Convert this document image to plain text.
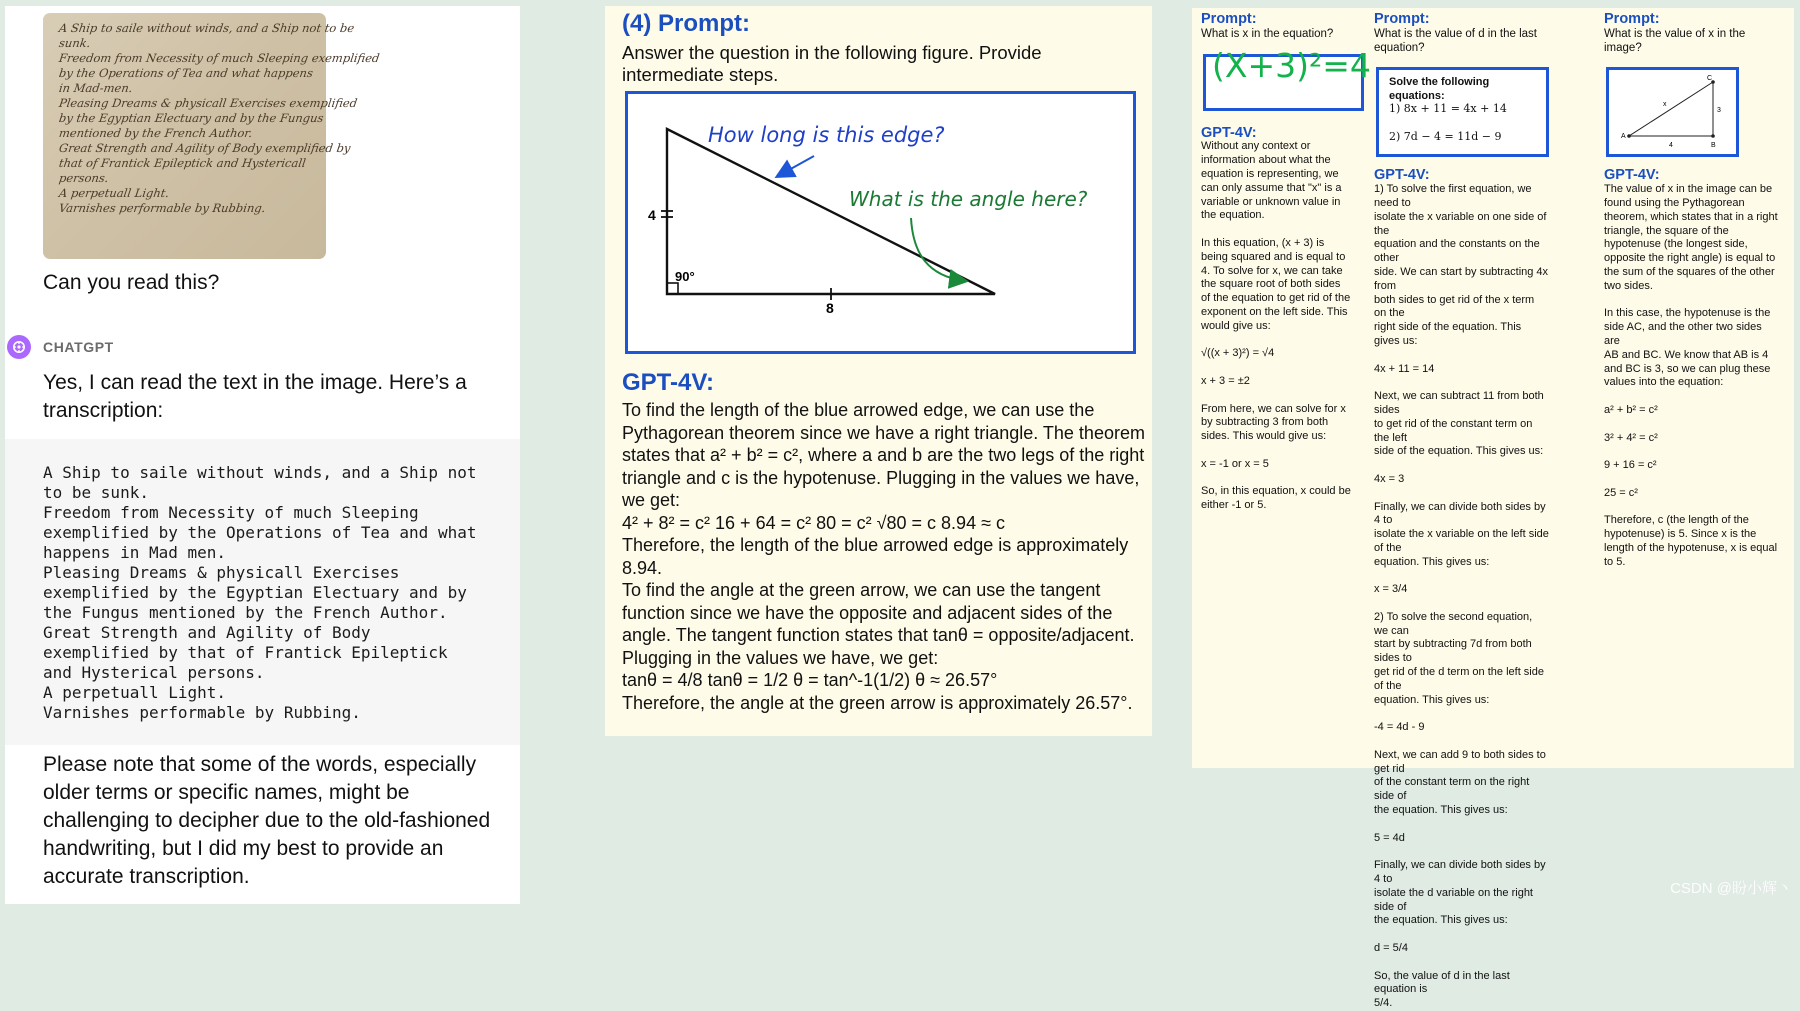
A Ship to saile without winds, and a Ship not to be
sunk.
Freedom from Necessity of much Sleeping exemplified
by the Operations of Tea and what happens
in Mad-men.
Pleasing Dreams & physicall Exercises exemplified
by the Egyptian Electuary and by the Fungus
mentioned by the French Author.
Great Strength and Agility of Body exemplified by
that of Frantick Epileptick and Hystericall
persons.
A perpetuall Light.
Varnishes performable by Rubbing.
Can you read this?
CHATGPT
Yes, I can read the text in the image. Here’s a transcription:
A Ship to saile without winds, and a Ship not
to be sunk.
Freedom from Necessity of much Sleeping
exemplified by the Operations of Tea and what
happens in Mad men.
Pleasing Dreams & physicall Exercises
exemplified by the Egyptian Electuary and by
the Fungus mentioned by the French Author.
Great Strength and Agility of Body
exemplified by that of Frantick Epileptick
and Hysterical persons.
A perpetuall Light.
Varnishes performable by Rubbing.
Please note that some of the words, especially older terms or specific names, might be challenging to decipher due to the old-fashioned handwriting, but I did my best to provide an accurate transcription.
(4) Prompt:
Answer the question in the following figure. Provide intermediate steps.
4
8
90°
How long is this edge?
What is the angle here?
GPT-4V:
To find the length of the blue arrowed edge, we can use the Pythagorean theorem since we have a right triangle. The theorem states that a² + b² = c², where a and b are the two legs of the right triangle and c is the hypotenuse. Plugging in the values we have, we get:
4² + 8² = c² 16 + 64 = c² 80 = c² √80 = c 8.94 ≈ c
Therefore, the length of the blue arrowed edge is approximately 8.94.
To find the angle at the green arrow, we can use the tangent function since we have the opposite and adjacent sides of the angle. The tangent function states that tanθ = opposite/adjacent. Plugging in the values we have, we get:
tanθ = 4/8 tanθ = 1/2 θ = tan^-1(1/2) θ ≈ 26.57°
Therefore, the angle at the green arrow is approximately 26.57°.
Prompt:
What is x in the equation?
(X+3)²=4
GPT-4V:
Without any context or
information about what the
equation is representing, we
can only assume that "x" is a
variable or unknown value in
the equation.
In this equation, (x + 3) is
being squared and is equal to
4. To solve for x, we can take
the square root of both sides
of the equation to get rid of the
exponent on the left side. This
would give us:
√((x + 3)²) = √4
x + 3 = ±2
From here, we can solve for x
by subtracting 3 from both
sides. This would give us:
x = -1 or x = 5
So, in this equation, x could be
either -1 or 5.
Prompt:
What is the value of d in the last equation?
Solve the following equations:
1) 8x + 11 = 4x + 14
2) 7d − 4 = 11d − 9
GPT-4V:
1) To solve the first equation, we need to
isolate the x variable on one side of the
equation and the constants on the other
side. We can start by subtracting 4x from
both sides to get rid of the x term on the
right side of the equation. This gives us:
4x + 11 = 14
Next, we can subtract 11 from both sides
to get rid of the constant term on the left
side of the equation. This gives us:
4x = 3
Finally, we can divide both sides by 4 to
isolate the x variable on the left side of the
equation. This gives us:
x = 3/4
2) To solve the second equation, we can
start by subtracting 7d from both sides to
get rid of the d term on the left side of the
equation. This gives us:
-4 = 4d - 9
Next, we can add 9 to both sides to get rid
of the constant term on the right side of
the equation. This gives us:
5 = 4d
Finally, we can divide both sides by 4 to
isolate the d variable on the right side of
the equation. This gives us:
d = 5/4
So, the value of d in the last equation is
5/4.
Prompt:
What is the value of x in the image?
C
x
3
A
4	B
GPT-4V:
The value of x in the image can be
found using the Pythagorean
theorem, which states that in a right
triangle, the square of the
hypotenuse (the longest side,
opposite the right angle) is equal to
the sum of the squares of the other
two sides.
In this case, the hypotenuse is the
side AC, and the other two sides are
AB and BC. We know that AB is 4
and BC is 3, so we can plug these
values into the equation:
a² + b² = c²
3² + 4² = c²
9 + 16 = c²
25 = c²
Therefore, c (the length of the
hypotenuse) is 5. Since x is the
length of the hypotenuse, x is equal
to 5.
CSDN @盼小辉丶
